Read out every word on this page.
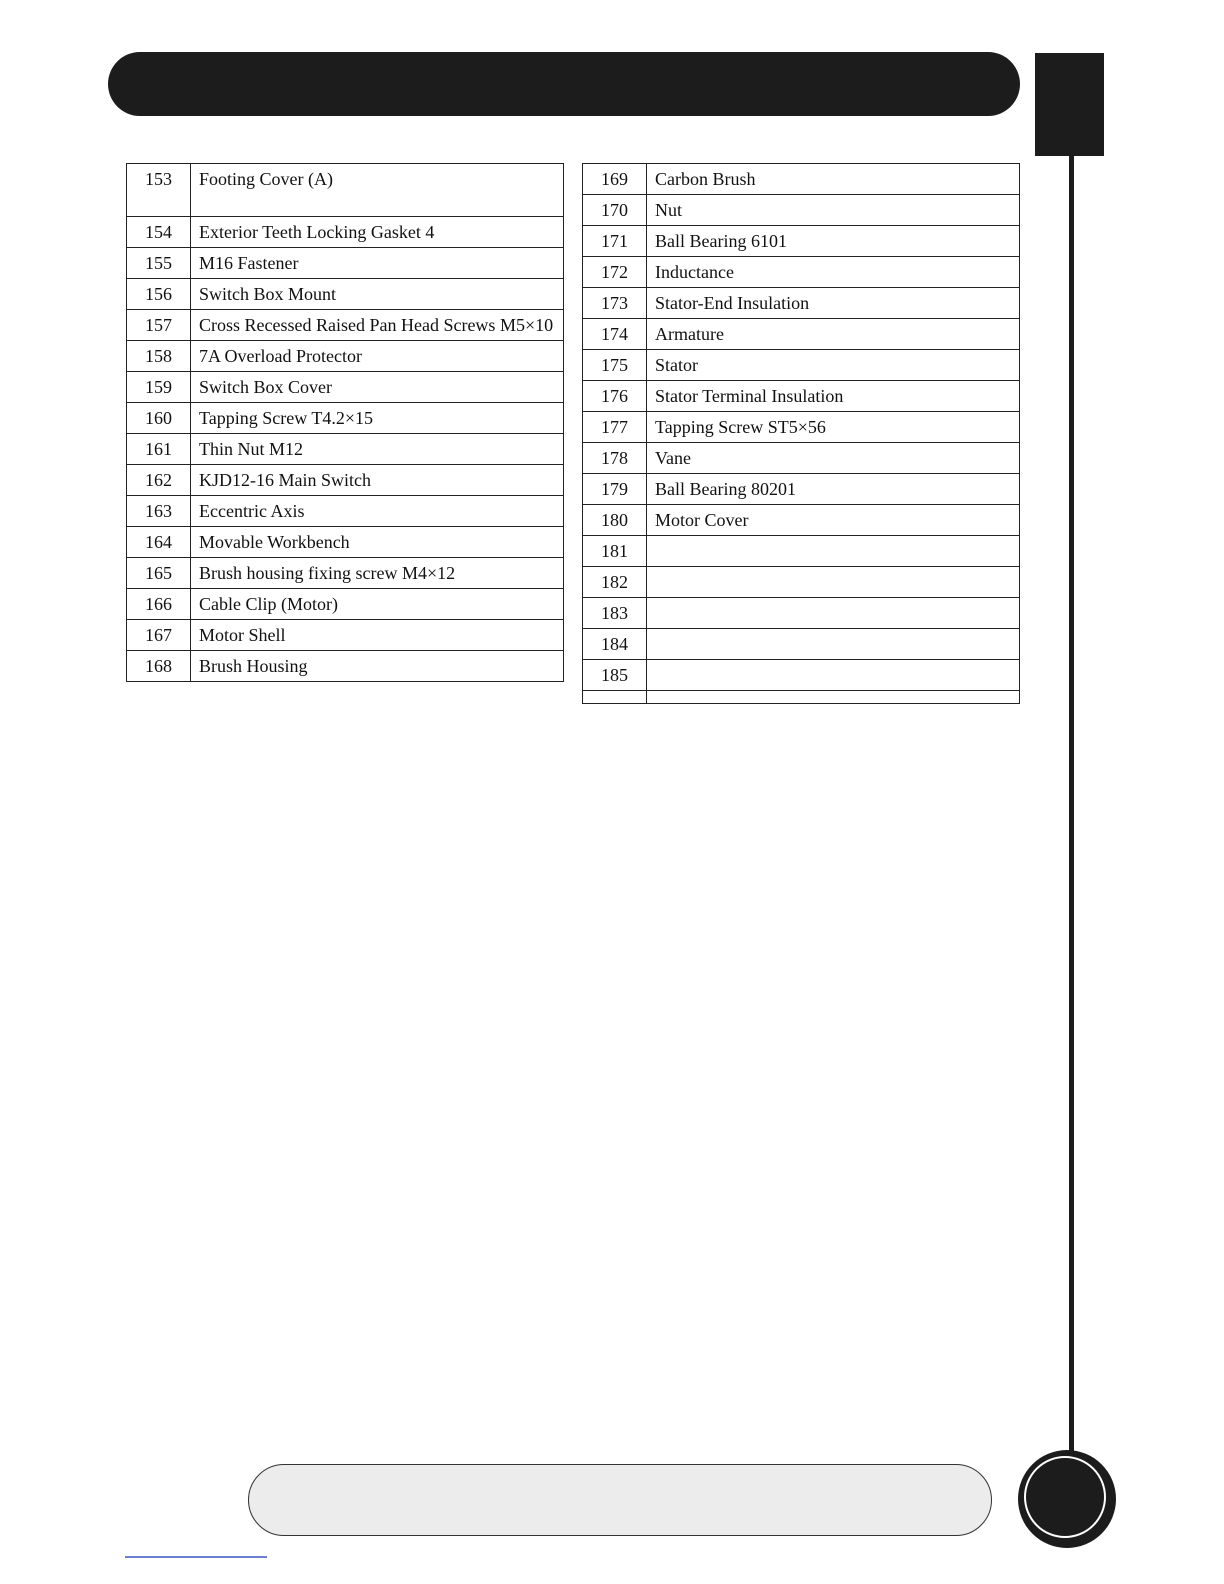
153	Footing Cover (A)
154	Exterior Teeth Locking Gasket 4
155	M16 Fastener
156	Switch Box Mount
157	Cross Recessed Raised Pan Head Screws M5×10
158	7A Overload Protector
159	Switch Box Cover
160	Tapping Screw T4.2×15
161	Thin Nut M12
162	KJD12-16 Main Switch
163	Eccentric Axis
164	Movable Workbench
165	Brush housing fixing screw M4×12
166	Cable Clip (Motor)
167	Motor Shell
168	Brush Housing
169	Carbon Brush
170	Nut
171	Ball Bearing 6101
172	Inductance
173	Stator-End Insulation
174	Armature
175	Stator
176	Stator Terminal Insulation
177	Tapping Screw ST5×56
178	Vane
179	Ball Bearing 80201
180	Motor Cover
181	
182	
183	
184	
185	
